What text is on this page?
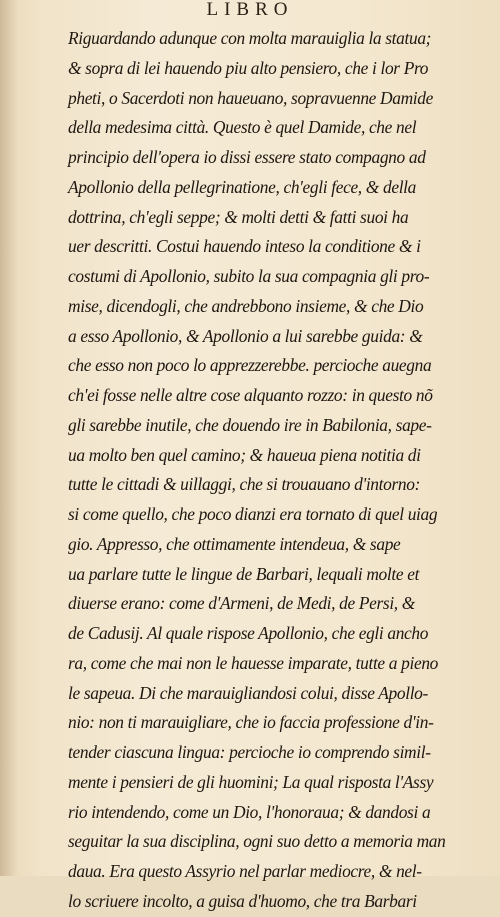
LIBRO
Riguardando adunque con molta marauiglia la statua;
& sopra di lei hauendo piu alto pensiero, che i lor Pro
pheti, o Sacerdoti non haueuano, sopravuenne Damide
della medesima città. Questo è quel Damide, che nel
principio dell'opera io dissi essere stato compagno ad
Apollonio della pellegrinatione, ch'egli fece, & della
dottrina, ch'egli seppe; & molti detti & fatti suoi ha
uer descritti. Costui hauendo inteso la conditione & i
costumi di Apollonio, subito la sua compagnia gli pro-
mise, dicendogli, che andrebbono insieme, & che Dio
a esso Apollonio, & Apollonio a lui sarebbe guida: &
che esso non poco lo apprezzerebbe. percioche auegna
ch'ei fosse nelle altre cose alquanto rozzo: in questo nõ
gli sarebbe inutile, che douendo ire in Babilonia, sape-
ua molto ben quel camino; & haueua piena notitia di
tutte le cittadi & uillaggi, che si trouauano d'intorno:
si come quello, che poco dianzi era tornato di quel uiag
gio. Appresso, che ottimamente intendeua, & sape
ua parlare tutte le lingue de Barbari, lequali molte et
diuerse erano: come d'Armeni, de Medi, de Persi, &
de Cadusij. Al quale rispose Apollonio, che egli ancho
ra, come che mai non le hauesse imparate, tutte a pieno
le sapeua. Di che marauigliandosi colui, disse Apollo-
nio: non ti marauigliare, che io faccia professione d'in-
tender ciascuna lingua: percioche io comprendo simil-
mente i pensieri de gli huomini; La qual risposta l'Assy
rio intendendo, come un Dio, l'honoraua; & dandosi a
seguitar la sua disciplina, ogni suo detto a memoria man
daua. Era questo Assyrio nel parlar mediocre, & nel-
lo scriuere incolto, a guisa d'huomo, che tra Barbari
